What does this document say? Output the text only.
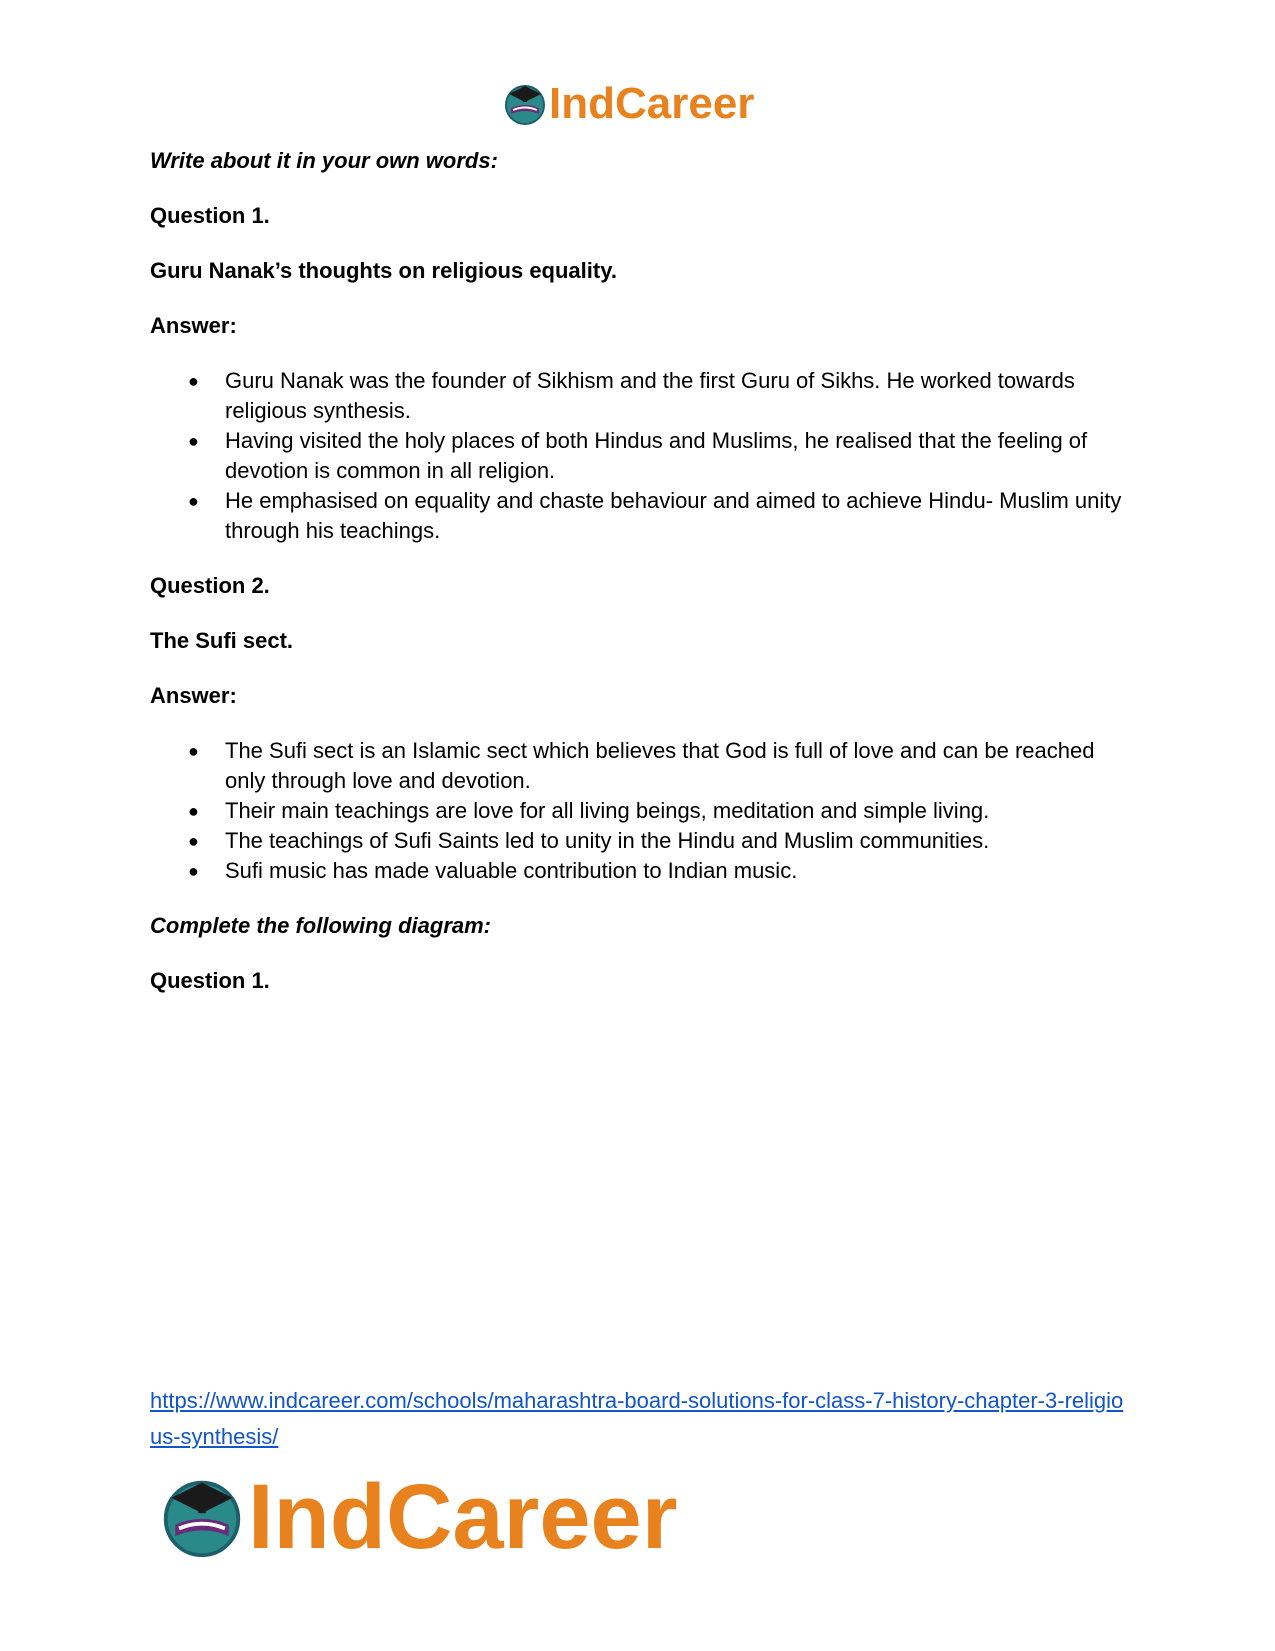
IndCareer

Write about it in your own words:

Question 1.

Guru Nanak’s thoughts on religious equality.

Answer:

● Guru Nanak was the founder of Sikhism and the first Guru of Sikhs. He worked towards religious synthesis.
● Having visited the holy places of both Hindus and Muslims, he realised that the feeling of devotion is common in all religion.
● He emphasised on equality and chaste behaviour and aimed to achieve Hindu- Muslim unity through his teachings.

Question 2.

The Sufi sect.

Answer:

● The Sufi sect is an Islamic sect which believes that God is full of love and can be reached only through love and devotion.
● Their main teachings are love for all living beings, meditation and simple living.
● The teachings of Sufi Saints led to unity in the Hindu and Muslim communities.
● Sufi music has made valuable contribution to Indian music.

Complete the following diagram:

Question 1.

https://www.indcareer.com/schools/maharashtra-board-solutions-for-class-7-history-chapter-3-religious-synthesis/
IndCareer
